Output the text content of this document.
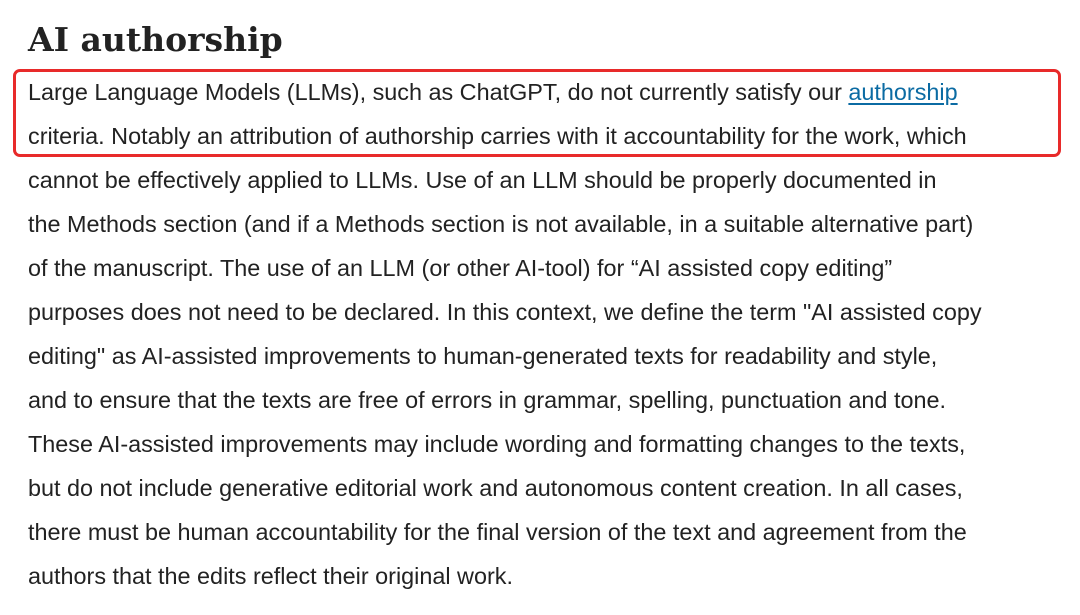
AI authorship

Large Language Models (LLMs), such as ChatGPT, do not currently satisfy our authorship

criteria. Notably an attribution of authorship carries with it accountability for the work, which

cannot be effectively applied to LLMs. Use of an LLM should be properly documented in

the Methods section (and if a Methods section is not available, in a suitable alternative part)

of the manuscript. The use of an LLM (or other AI-tool) for “AI assisted copy editing”

purposes does not need to be declared. In this context, we define the term "AI assisted copy

editing" as AI-assisted improvements to human-generated texts for readability and style,

and to ensure that the texts are free of errors in grammar, spelling, punctuation and tone.

These AI-assisted improvements may include wording and formatting changes to the texts,

but do not include generative editorial work and autonomous content creation. In all cases,

there must be human accountability for the final version of the text and agreement from the

authors that the edits reflect their original work.
